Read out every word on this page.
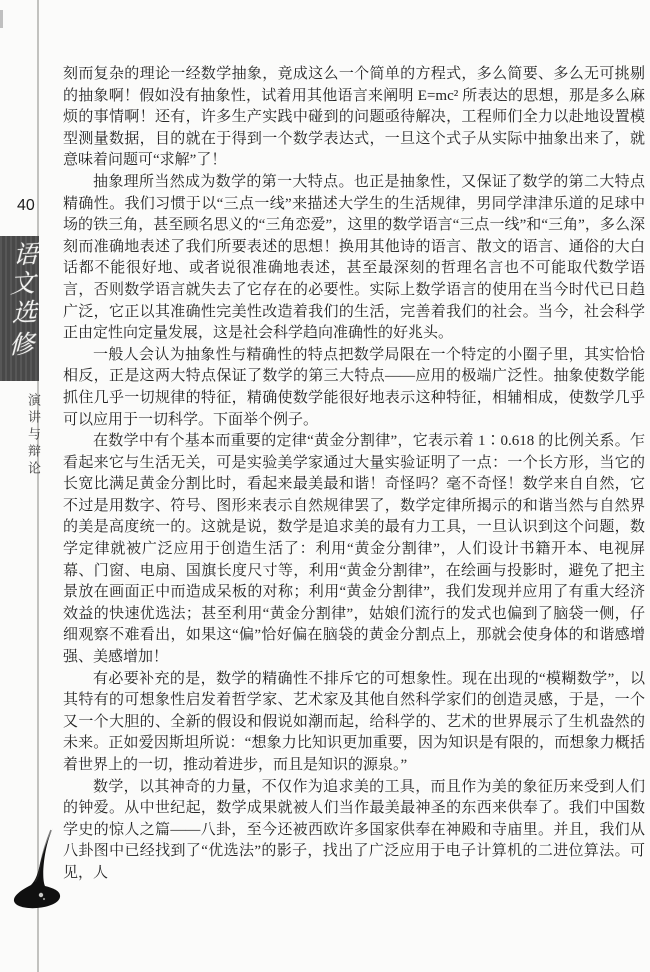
40
语
文
选
修
演讲与辩论

刻而复杂的理论一经数学抽象，竟成这么一个简单的方程式，多么简要、多么无可挑剔的抽象啊！假如没有抽象性，试着用其他语言来阐明 E=mc² 所表达的思想，那是多么麻烦的事情啊！还有，许多生产实践中碰到的问题亟待解决，工程师们全力以赴地设置模型测量数据，目的就在于得到一个数学表达式，一旦这个式子从实际中抽象出来了，就意味着问题可“求解”了！

抽象理所当然成为数学的第一大特点。也正是抽象性，又保证了数学的第二大特点精确性。我们习惯于以“三点一线”来描述大学生的生活规律，男同学津津乐道的足球中场的铁三角，甚至顾名思义的“三角恋爱”，这里的数学语言“三点一线”和“三角”，多么深刻而准确地表述了我们所要表述的思想！换用其他诗的语言、散文的语言、通俗的大白话都不能很好地、或者说很准确地表述，甚至最深刻的哲理名言也不可能取代数学语言，否则数学语言就失去了它存在的必要性。实际上数学语言的使用在当今时代已日趋广泛，它正以其准确性完美性改造着我们的生活，完善着我们的社会。当今，社会科学正由定性向定量发展，这是社会科学趋向准确性的好兆头。

一般人会认为抽象性与精确性的特点把数学局限在一个特定的小圈子里，其实恰恰相反，正是这两大特点保证了数学的第三大特点——应用的极端广泛性。抽象使数学能抓住几乎一切规律的特征，精确使数学能很好地表示这种特征，相辅相成，使数学几乎可以应用于一切科学。下面举个例子。

在数学中有个基本而重要的定律“黄金分割律”，它表示着 1∶0.618 的比例关系。乍看起来它与生活无关，可是实验美学家通过大量实验证明了一点：一个长方形，当它的长宽比满足黄金分割比时，看起来最美最和谐！奇怪吗？毫不奇怪！数学来自自然，它不过是用数字、符号、图形来表示自然规律罢了，数学定律所揭示的和谐当然与自然界的美是高度统一的。这就是说，数学是追求美的最有力工具，一旦认识到这个问题，数学定律就被广泛应用于创造生活了：利用“黄金分割律”，人们设计书籍开本、电视屏幕、门窗、电扇、国旗长度尺寸等，利用“黄金分割律”，在绘画与投影时，避免了把主景放在画面正中而造成呆板的对称；利用“黄金分割律”，我们发现并应用了有重大经济效益的快速优选法；甚至利用“黄金分割律”，姑娘们流行的发式也偏到了脑袋一侧，仔细观察不难看出，如果这“偏”恰好偏在脑袋的黄金分割点上，那就会使身体的和谐感增强、美感增加！

有必要补充的是，数学的精确性不排斥它的可想象性。现在出现的“模糊数学”，以其特有的可想象性启发着哲学家、艺术家及其他自然科学家们的创造灵感，于是，一个又一个大胆的、全新的假设和假说如潮而起，给科学的、艺术的世界展示了生机盎然的未来。正如爱因斯坦所说：“想象力比知识更加重要，因为知识是有限的，而想象力概括着世界上的一切，推动着进步，而且是知识的源泉。”

数学，以其神奇的力量，不仅作为追求美的工具，而且作为美的象征历来受到人们的钟爱。从中世纪起，数学成果就被人们当作最美最神圣的东西来供奉了。我们中国数学史的惊人之篇——八卦，至今还被西欧许多国家供奉在神殿和寺庙里。并且，我们从八卦图中已经找到了“优选法”的影子，找出了广泛应用于电子计算机的二进位算法。可见，人
